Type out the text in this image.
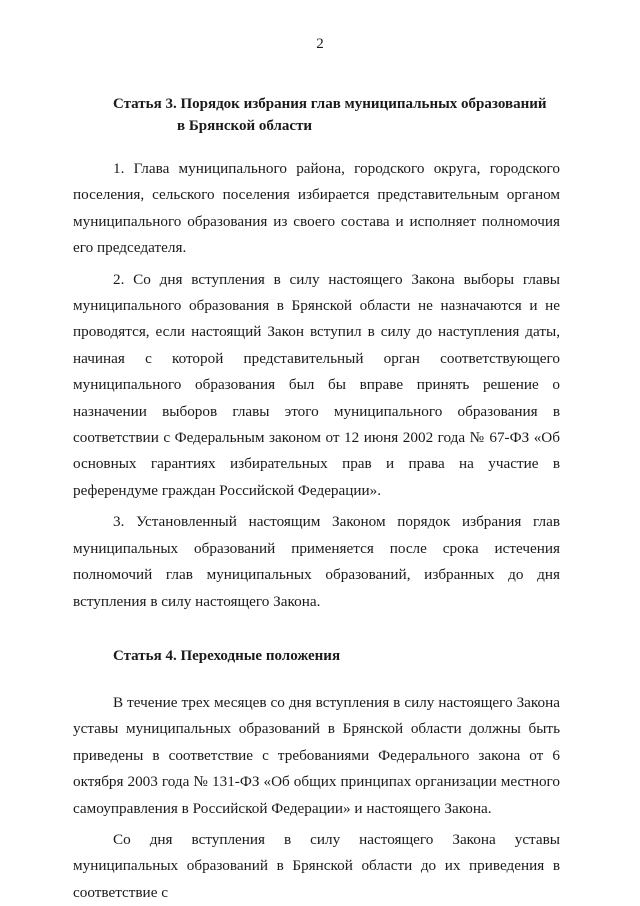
2

Статья 3. Порядок избрания глав муниципальных образований
в Брянской области

1. Глава муниципального района, городского округа, городского поселения, сельского поселения избирается представительным органом муниципального образования из своего состава и исполняет полномочия его председателя.

2. Со дня вступления в силу настоящего Закона выборы главы муниципального образования в Брянской области не назначаются и не проводятся, если настоящий Закон вступил в силу до наступления даты, начиная с которой представительный орган соответствующего муниципального образования был бы вправе принять решение о назначении выборов главы этого муниципального образования в соответствии с Федеральным законом от 12 июня 2002 года № 67-ФЗ «Об основных гарантиях избирательных прав и права на участие в референдуме граждан Российской Федерации».

3. Установленный настоящим Законом порядок избрания глав муниципальных образований применяется после срока истечения полномочий глав муниципальных образований, избранных до дня вступления в силу настоящего Закона.

Статья 4. Переходные положения

В течение трех месяцев со дня вступления в силу настоящего Закона уставы муниципальных образований в Брянской области должны быть приведены в соответствие с требованиями Федерального закона от 6 октября 2003 года № 131-ФЗ «Об общих принципах организации местного самоуправления в Российской Федерации» и настоящего Закона.

Со дня вступления в силу настоящего Закона уставы муниципальных образований в Брянской области до их приведения в соответствие с
